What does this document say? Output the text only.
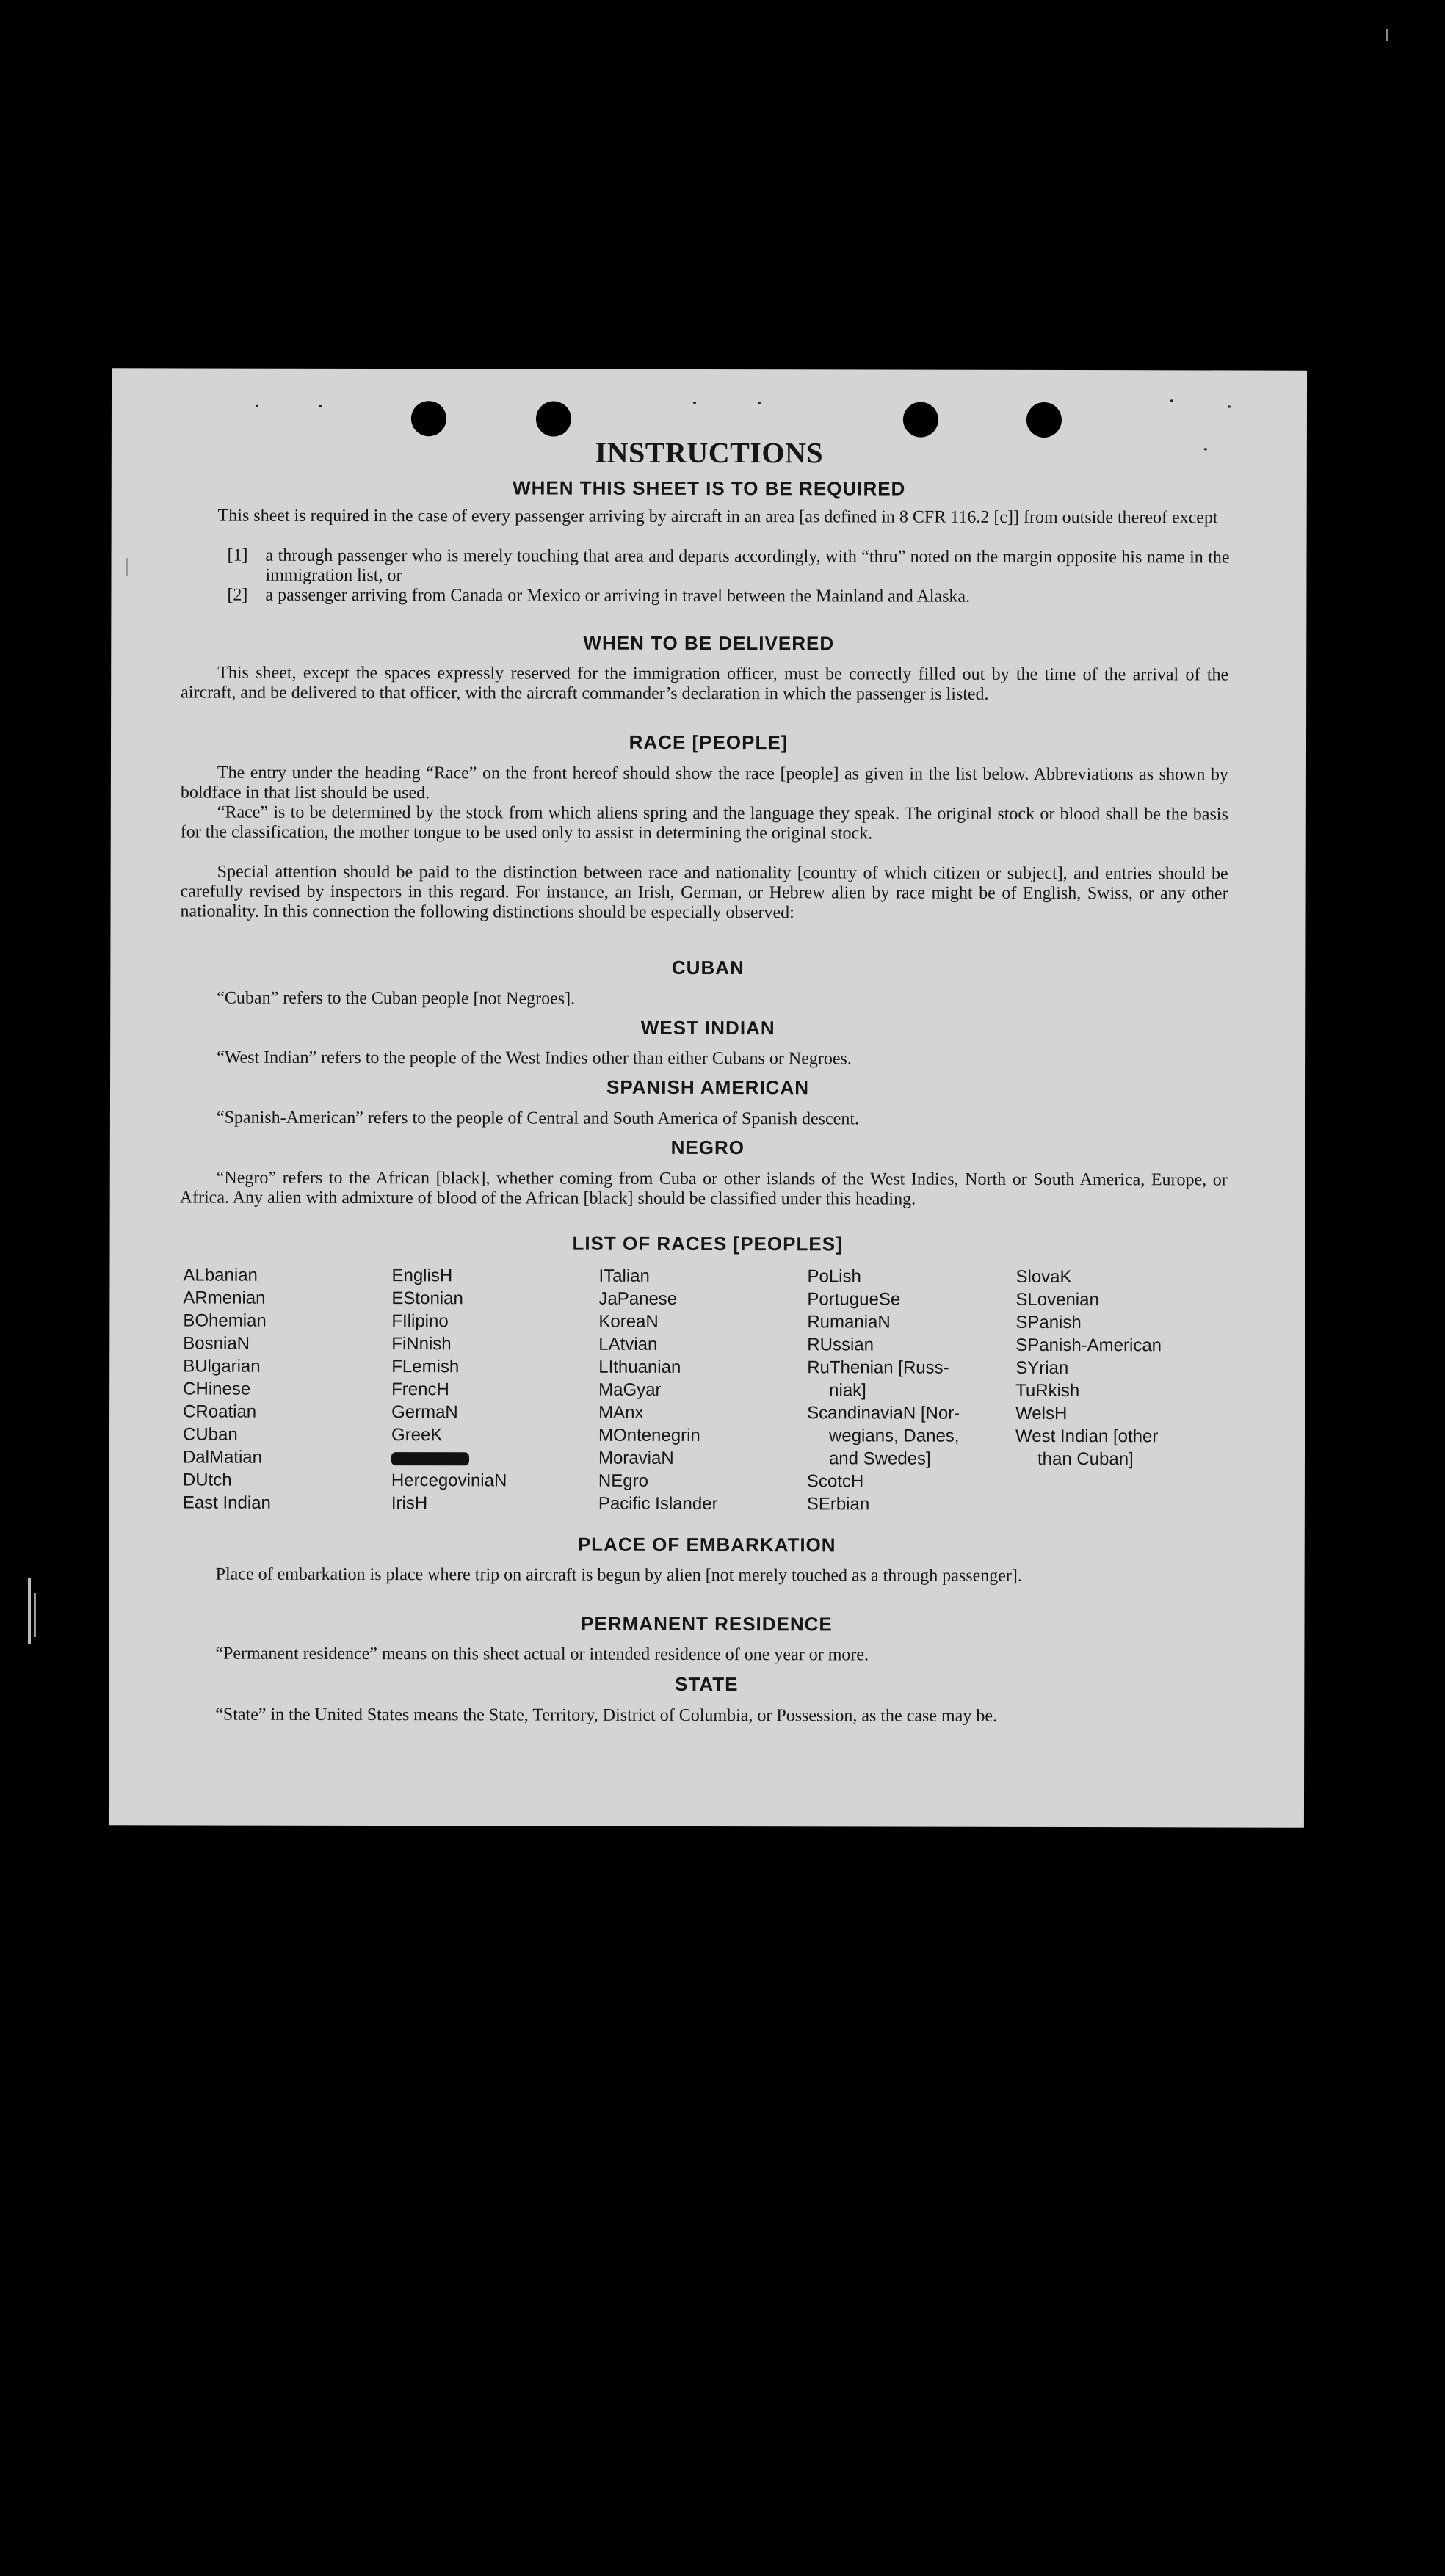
INSTRUCTIONS
WHEN THIS SHEET IS TO BE REQUIRED
This sheet is required in the case of every passenger arriving by aircraft in an area [as defined in 8 CFR 116.2 [c]] from outside thereof except
[1] a through passenger who is merely touching that area and departs accordingly, with “thru” noted on the margin opposite his name in the immigration list, or
[2] a passenger arriving from Canada or Mexico or arriving in travel between the Mainland and Alaska.
WHEN TO BE DELIVERED
This sheet, except the spaces expressly reserved for the immigration officer, must be correctly filled out by the time of the arrival of the aircraft, and be delivered to that officer, with the aircraft commander’s declaration in which the passenger is listed.
RACE [PEOPLE]
The entry under the heading “Race” on the front hereof should show the race [people] as given in the list below. Abbreviations as shown by boldface in that list should be used.
“Race” is to be determined by the stock from which aliens spring and the language they speak. The original stock or blood shall be the basis for the classification, the mother tongue to be used only to assist in determining the original stock.
Special attention should be paid to the distinction between race and nationality [country of which citizen or subject], and entries should be carefully revised by inspectors in this regard. For instance, an Irish, German, or Hebrew alien by race might be of English, Swiss, or any other nationality. In this connection the following distinctions should be especially observed:
CUBAN
“Cuban” refers to the Cuban people [not Negroes].
WEST INDIAN
“West Indian” refers to the people of the West Indies other than either Cubans or Negroes.
SPANISH AMERICAN
“Spanish-American” refers to the people of Central and South America of Spanish descent.
NEGRO
“Negro” refers to the African [black], whether coming from Cuba or other islands of the West Indies, North or South America, Europe, or Africa. Any alien with admixture of blood of the African [black] should be classified under this heading.
LIST OF RACES [PEOPLES]
ALbanian
ARmenian
BOhemian
BosniaN
BUlgarian
CHinese
CRoatian
CUban
DalMatian
DUtch
East Indian
EnglisH
EStonian
FIlipino
FiNnish
FLemish
FrencH
GermaN
GreeK
HercegoviniaN
IrisH
ITalian
JaPanese
KoreaN
LAtvian
LIthuanian
MaGyar
MAnx
MOntenegrin
MoraviaN
NEgro
Pacific Islander
PoLish
PortugueSe
RumaniaN
RUssian
RuThenian [Russ-
niak]
ScandinaviaN [Nor-
wegians, Danes,
and Swedes]
ScotcH
SErbian
SlovaK
SLovenian
SPanish
SPanish-American
SYrian
TuRkish
WelsH
West Indian [other
than Cuban]
PLACE OF EMBARKATION
Place of embarkation is place where trip on aircraft is begun by alien [not merely touched as a through passenger].
PERMANENT RESIDENCE
“Permanent residence” means on this sheet actual or intended residence of one year or more.
STATE
“State” in the United States means the State, Territory, District of Columbia, or Possession, as the case may be.
